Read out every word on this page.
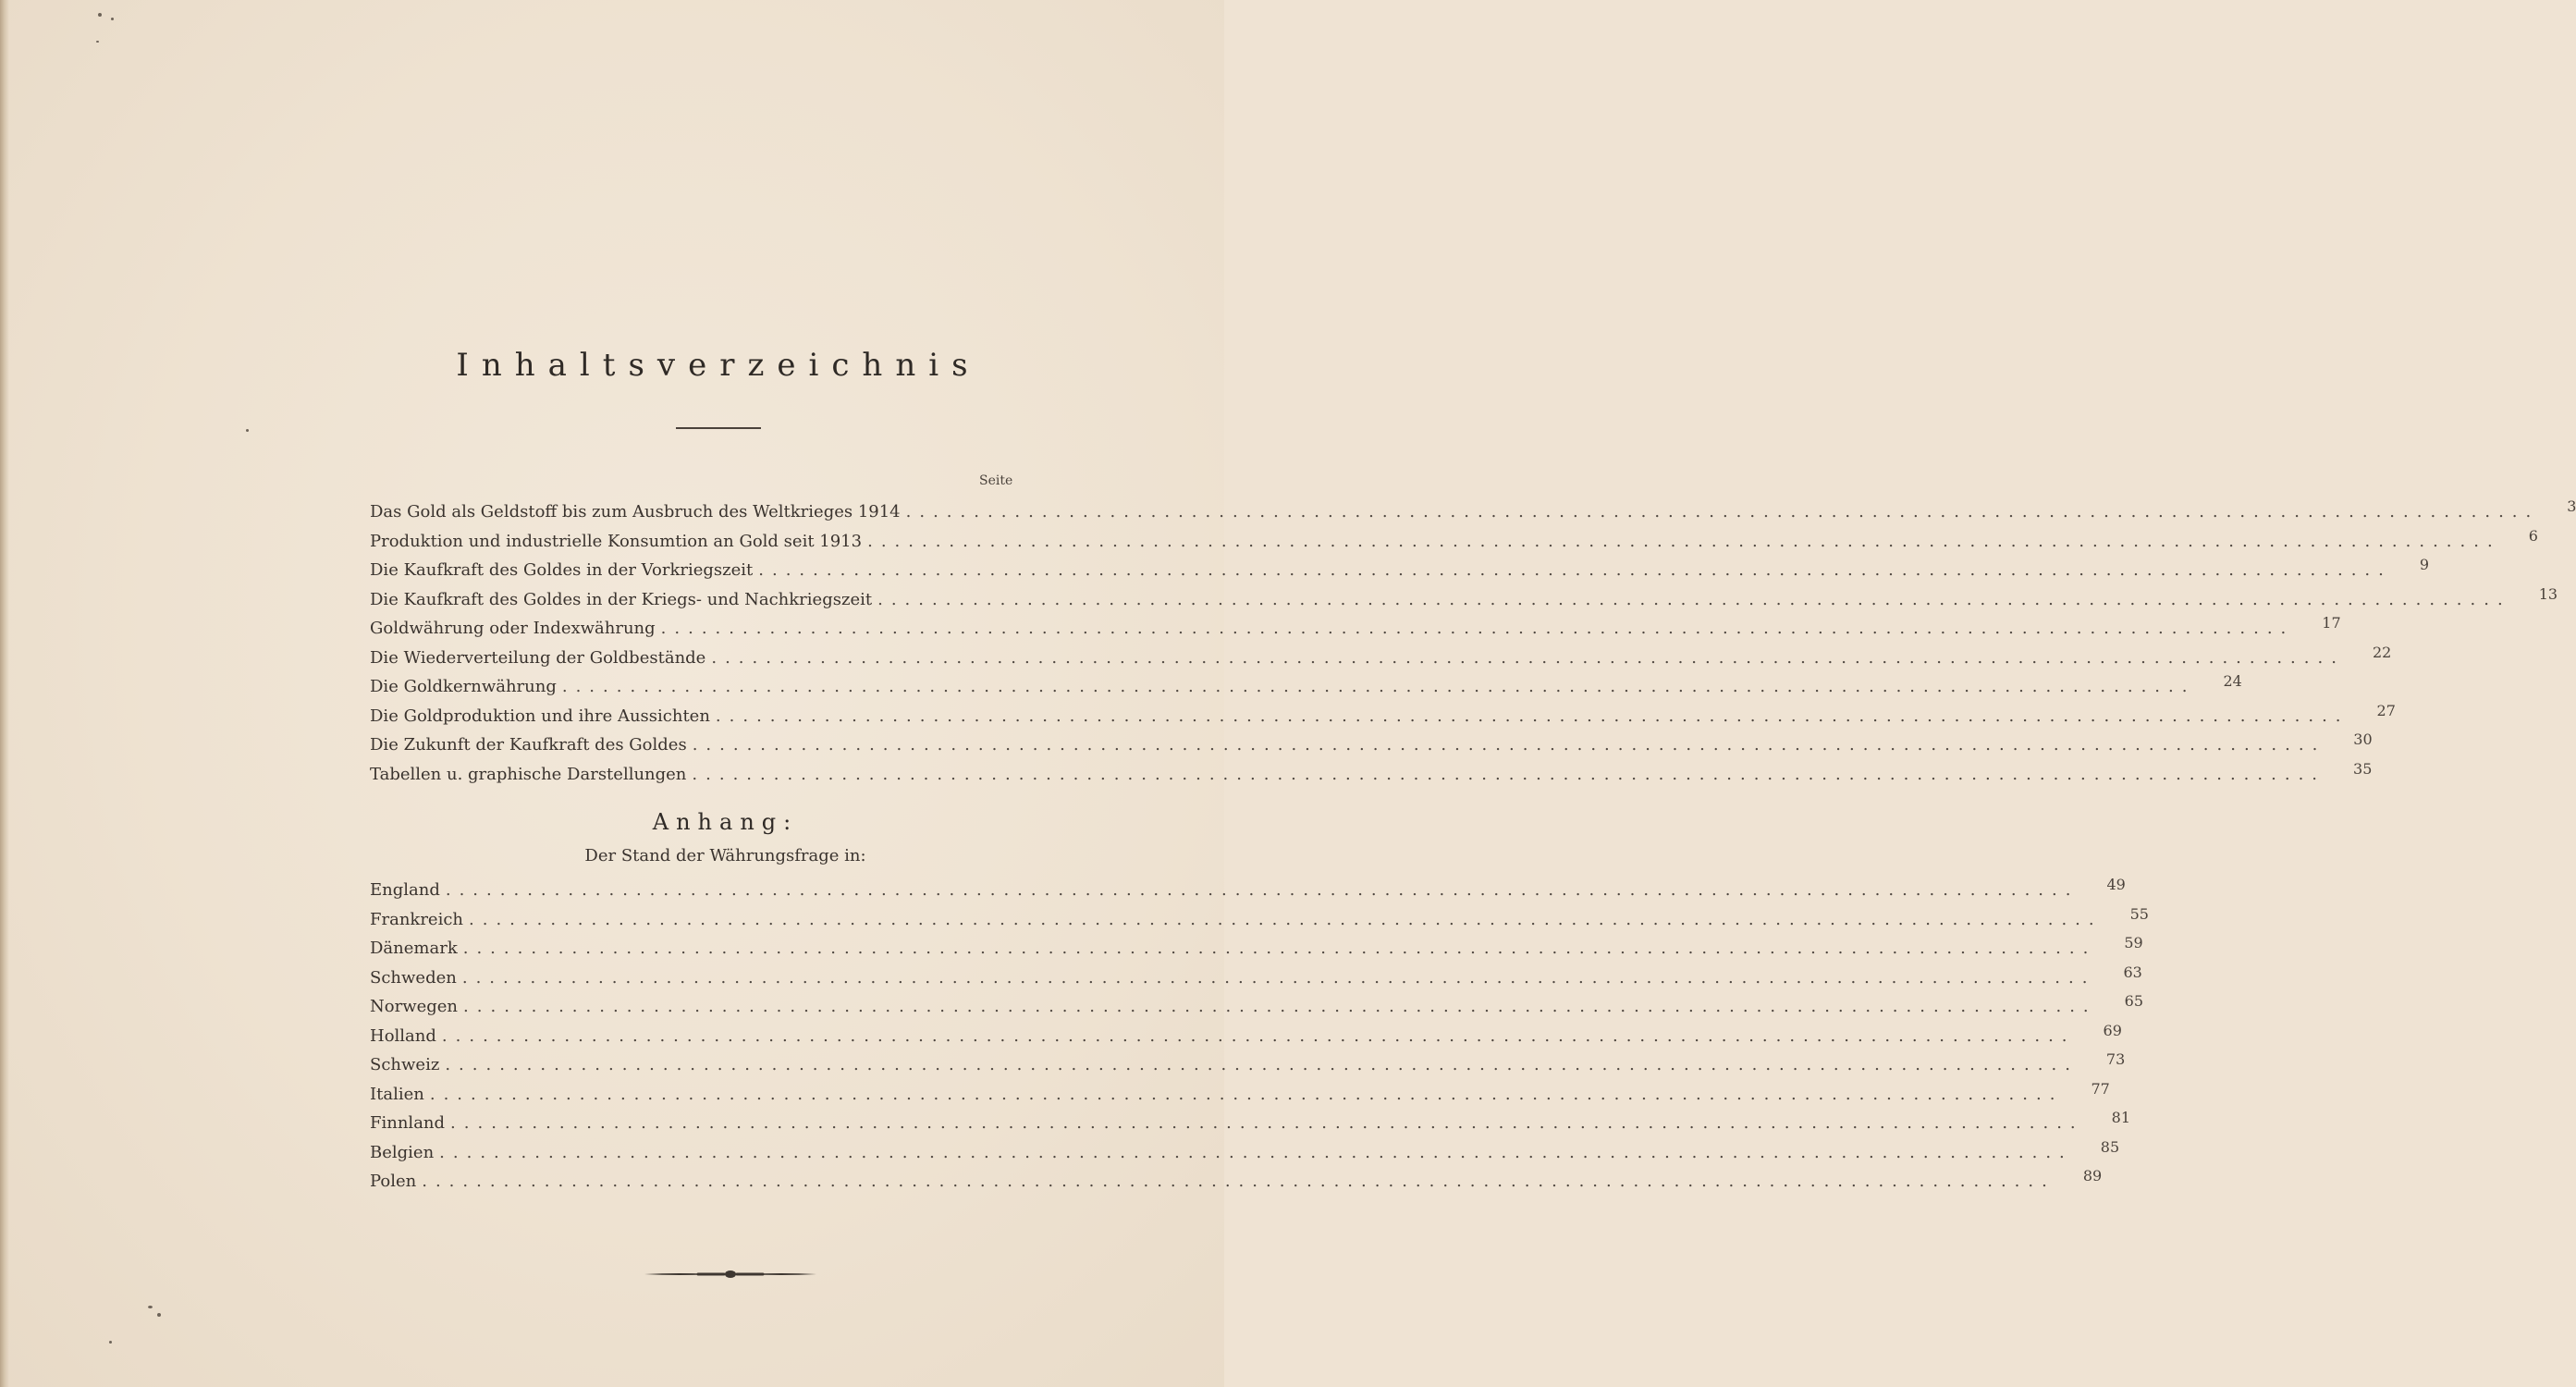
Inhaltsverzeichnis
Seite
Das Gold als Geldstoff bis zum Ausbruch des Weltkrieges 1914 ........................................................................................................................ 3
Produktion und industrielle Konsumtion an Gold seit 1913 ........................................................................................................................ 6
Die Kaufkraft des Goldes in der Vorkriegszeit ........................................................................................................................ 9
Die Kaufkraft des Goldes in der Kriegs- und Nachkriegszeit ........................................................................................................................ 13
Goldwährung oder Indexwährung ........................................................................................................................ 17
Die Wiederverteilung der Goldbestände ........................................................................................................................ 22
Die Goldkernwährung ........................................................................................................................ 24
Die Goldproduktion und ihre Aussichten ........................................................................................................................ 27
Die Zukunft der Kaufkraft des Goldes ........................................................................................................................ 30
Tabellen u. graphische Darstellungen ........................................................................................................................ 35
Anhang:
Der Stand der Währungsfrage in:
England ........................................................................................................................ 49
Frankreich ........................................................................................................................ 55
Dänemark ........................................................................................................................ 59
Schweden ........................................................................................................................ 63
Norwegen ........................................................................................................................ 65
Holland ........................................................................................................................ 69
Schweiz ........................................................................................................................ 73
Italien ........................................................................................................................ 77
Finnland ........................................................................................................................ 81
Belgien ........................................................................................................................ 85
Polen ........................................................................................................................ 89
